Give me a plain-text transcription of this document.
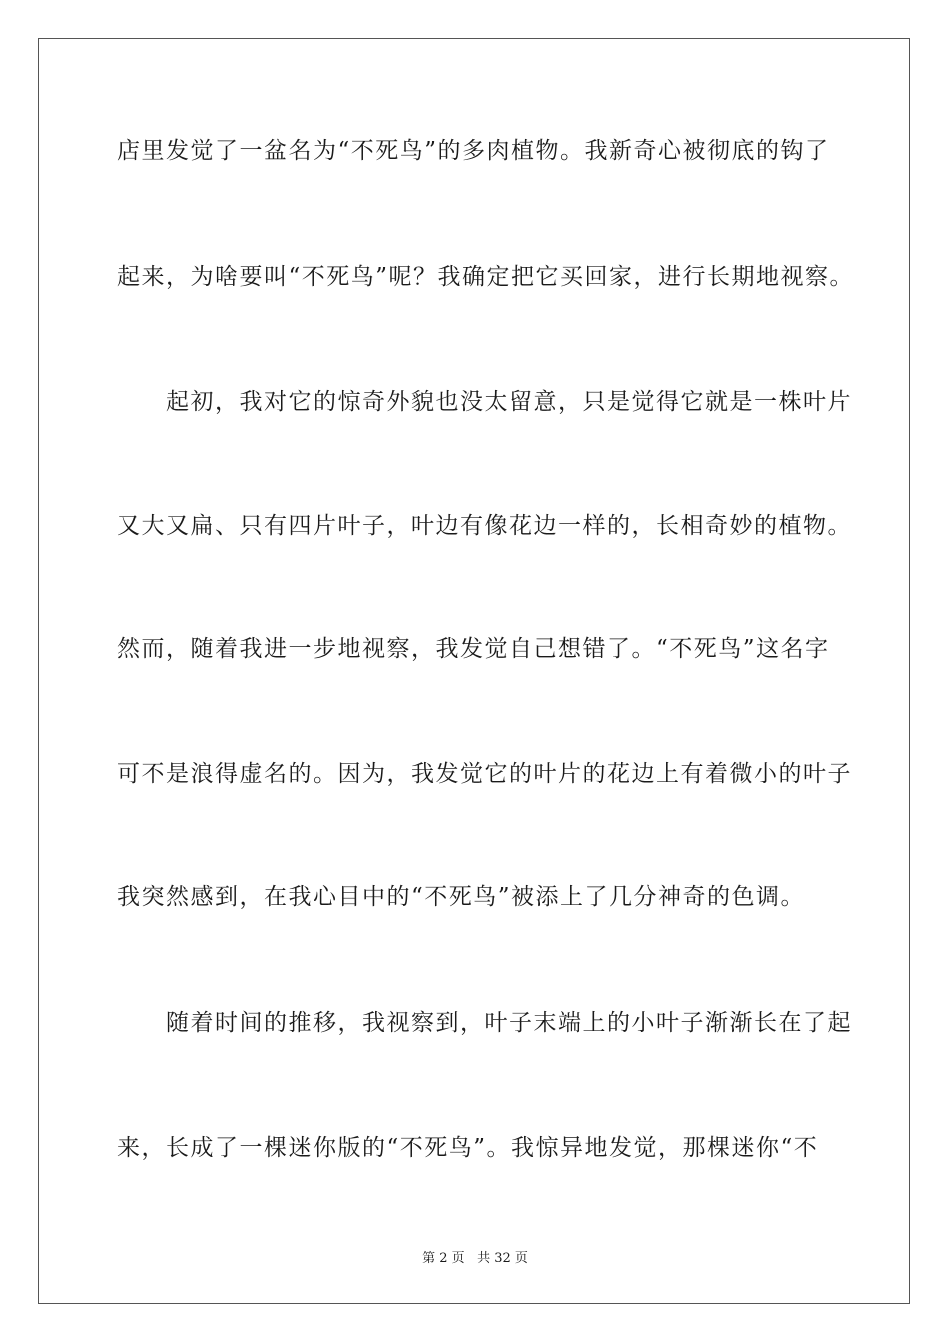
店里发觉了一盆名为“不死鸟”的多肉植物。我新奇心被彻底的钩了
起来，为啥要叫“不死鸟”呢？我确定把它买回家，进行长期地视察。
　　起初，我对它的惊奇外貌也没太留意，只是觉得它就是一株叶片
又大又扁、只有四片叶子，叶边有像花边一样的，长相奇妙的植物。
然而，随着我进一步地视察，我发觉自己想错了。“不死鸟”这名字
可不是浪得虚名的。因为，我发觉它的叶片的花边上有着微小的叶子
我突然感到，在我心目中的“不死鸟”被添上了几分神奇的色调。
　　随着时间的推移，我视察到，叶子末端上的小叶子渐渐长在了起
来，长成了一棵迷你版的“不死鸟”。我惊异地发觉，那棵迷你“不
第 2 页 共 32 页
